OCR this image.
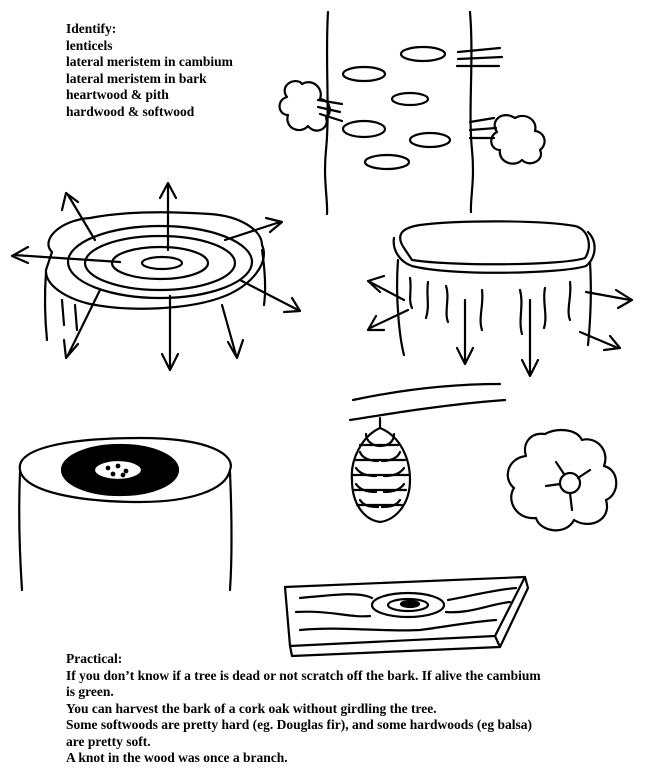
Identify:
lenticels
lateral meristem in cambium
lateral meristem in bark
heartwood & pith
hardwood & softwood
Practical:
If you don’t know if a tree is dead or not scratch off the bark. If alive the cambium
is green.
You can harvest the bark of a cork oak without girdling the tree.
Some softwoods are pretty hard (eg. Douglas fir), and some hardwoods (eg balsa)
are pretty soft.
A knot in the wood was once a branch.
